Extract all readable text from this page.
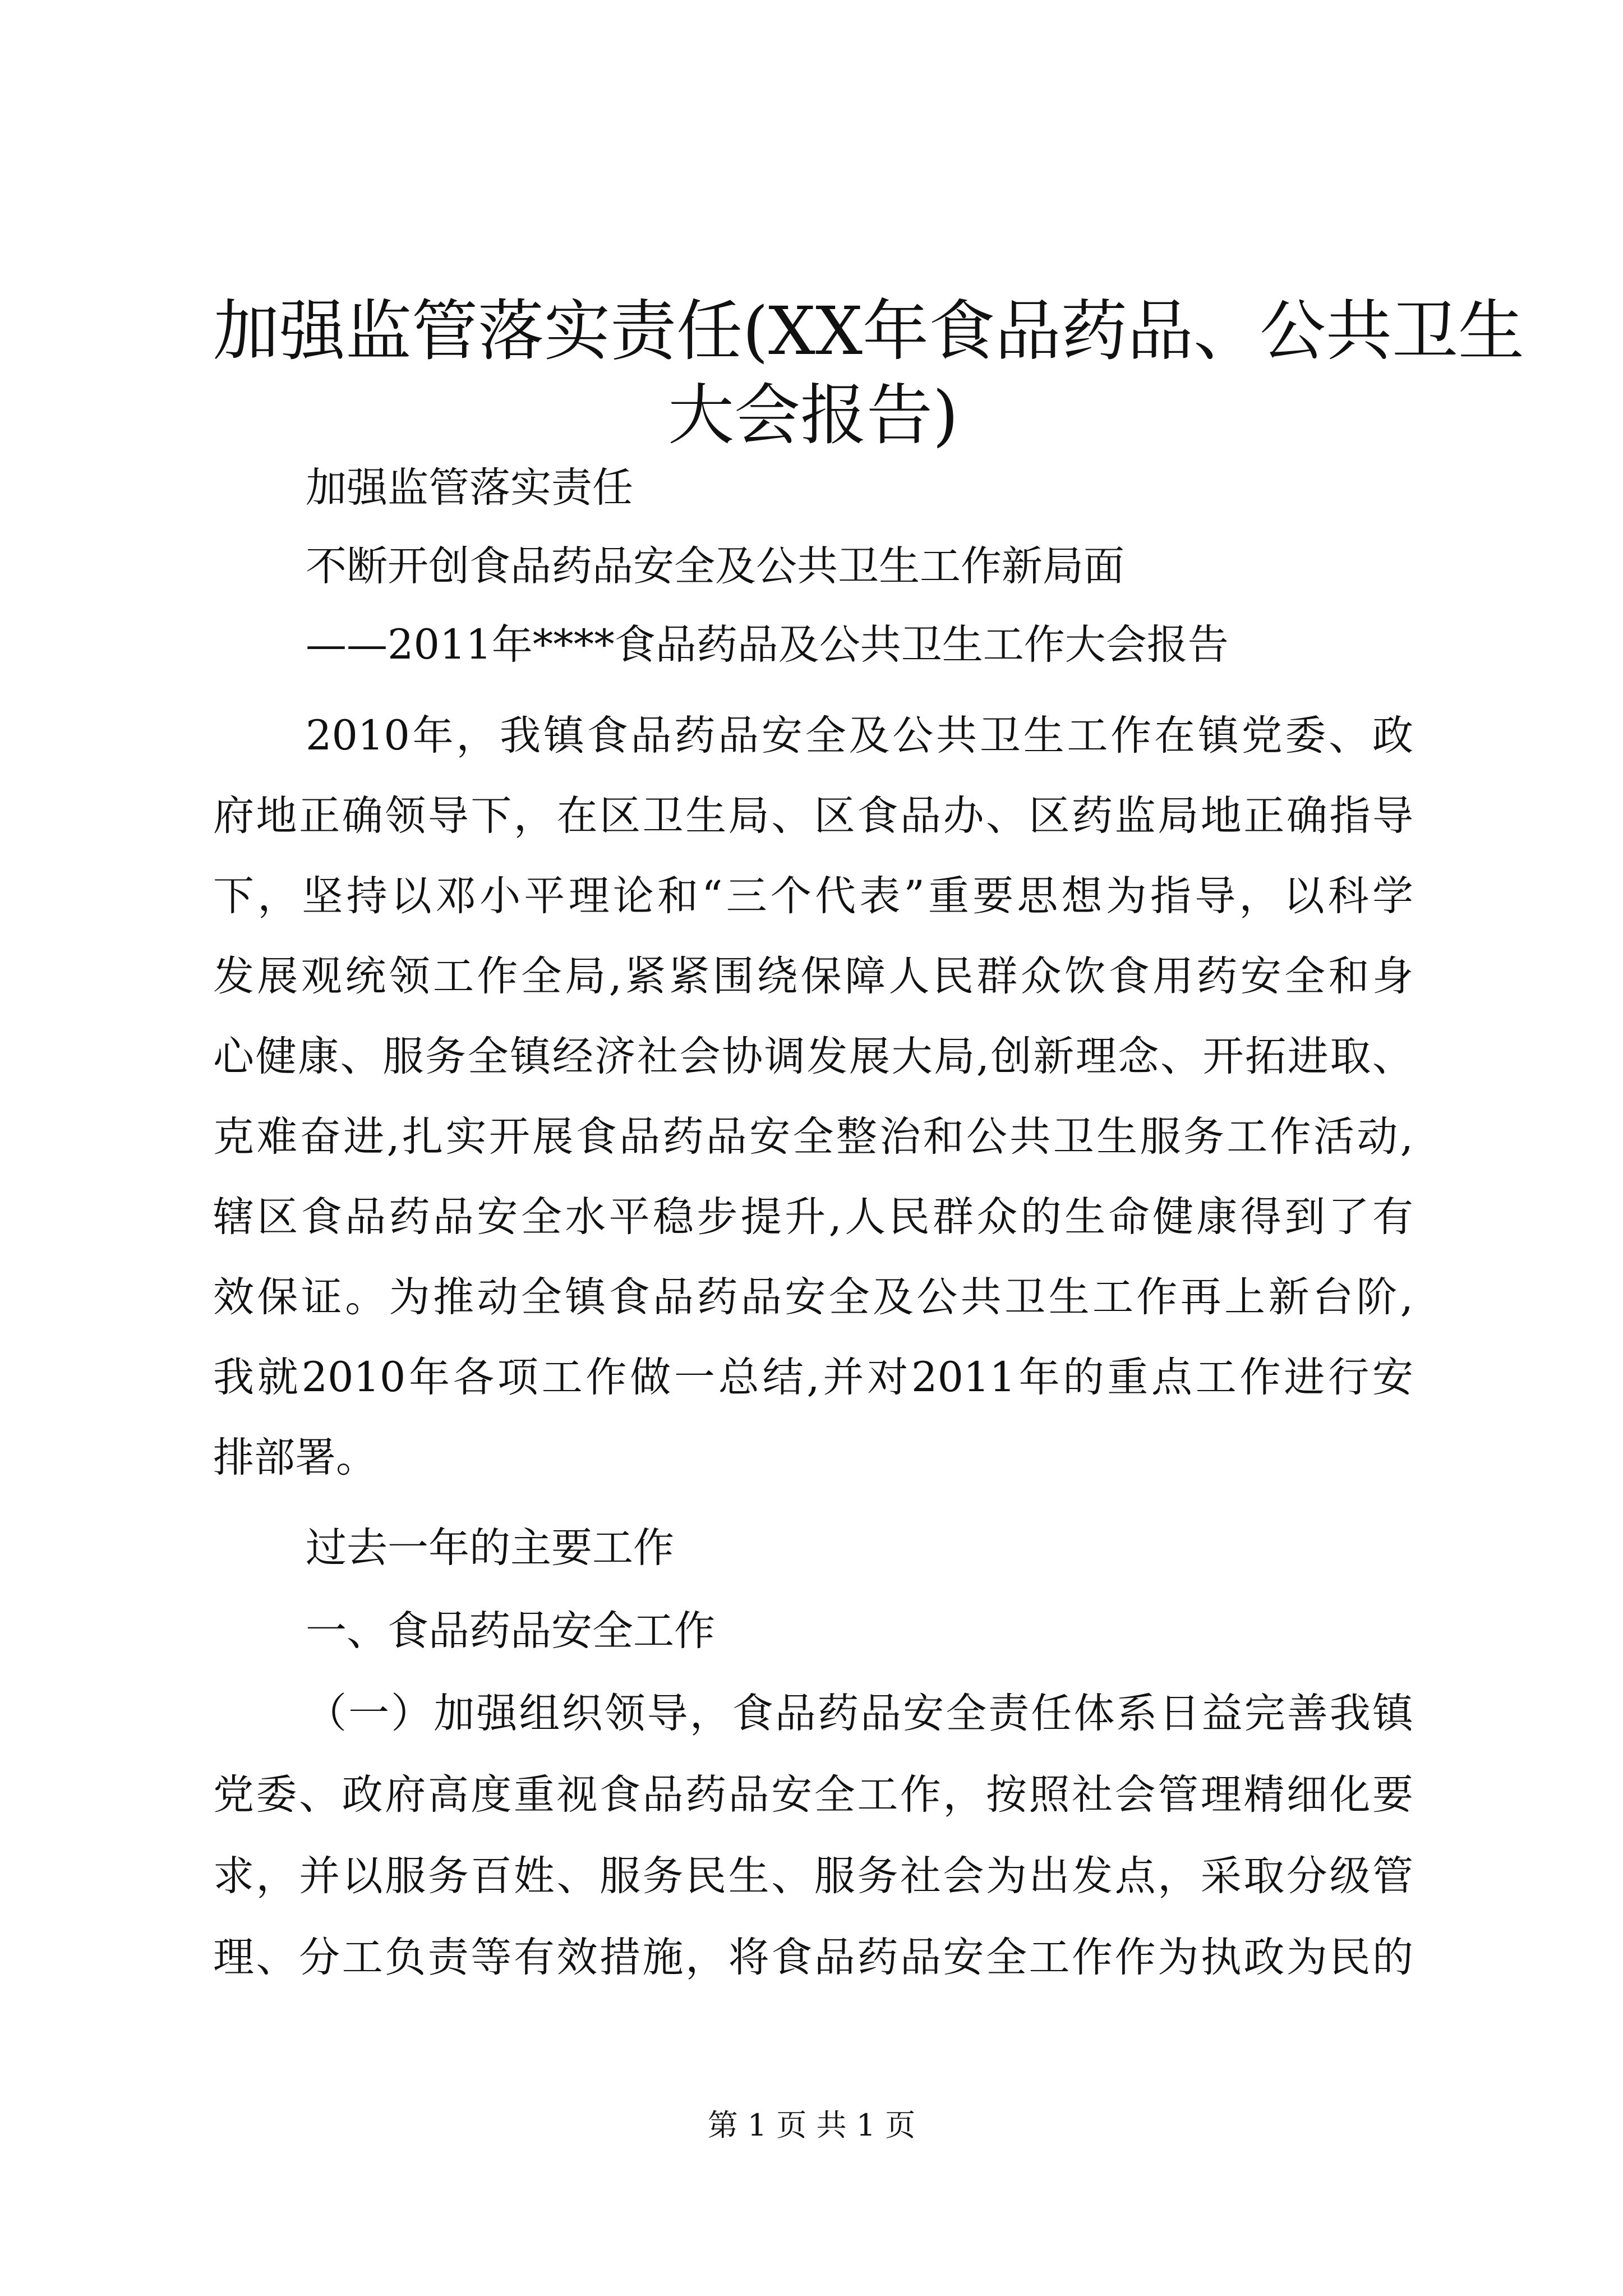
加强监管落实责任(XX年食品药品、公共卫生
大会报告)
加强监管落实责任
不断开创食品药品安全及公共卫生工作新局面
——2011年****食品药品及公共卫生工作大会报告
2010年，我镇食品药品安全及公共卫生工作在镇党委、政
府地正确领导下，在区卫生局、区食品办、区药监局地正确指导
下，坚持以邓小平理论和“三个代表”重要思想为指导，以科学
发展观统领工作全局,紧紧围绕保障人民群众饮食用药安全和身
心健康、服务全镇经济社会协调发展大局,创新理念、开拓进取、
克难奋进,扎实开展食品药品安全整治和公共卫生服务工作活动,
辖区食品药品安全水平稳步提升,人民群众的生命健康得到了有
效保证。为推动全镇食品药品安全及公共卫生工作再上新台阶,
我就2010年各项工作做一总结,并对2011年的重点工作进行安
排部署。
过去一年的主要工作
一、食品药品安全工作
（一）加强组织领导，食品药品安全责任体系日益完善我镇
党委、政府高度重视食品药品安全工作，按照社会管理精细化要
求，并以服务百姓、服务民生、服务社会为出发点，采取分级管
理、分工负责等有效措施，将食品药品安全工作作为执政为民的
第 1 页 共 1 页
